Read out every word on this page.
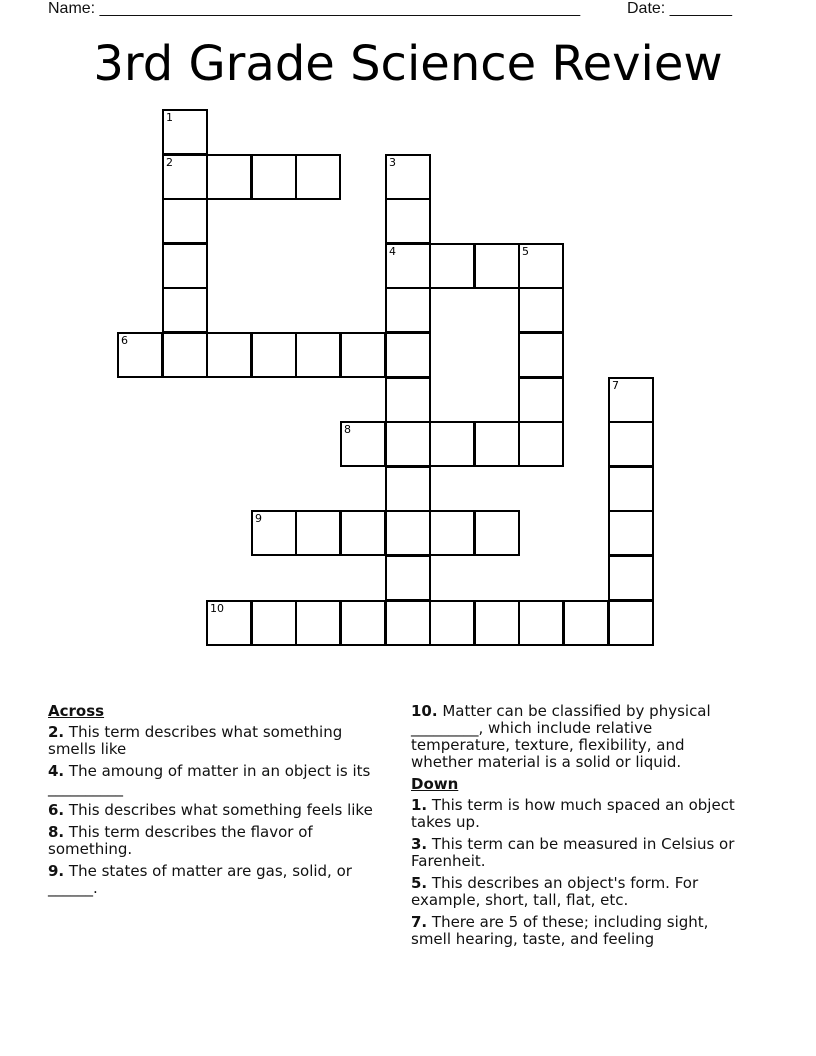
Name: ______________________________________________________	Date: _______
3rd Grade Science Review
1
2	3
4	5
6
7
8
9
10
Across
2. This term describes what something smells like
4. The amoung of matter in an object is its __________
6. This describes what something feels like
8. This term describes the flavor of something.
9. The states of matter are gas, solid, or ______.
10. Matter can be classified by physical _________, which include relative temperature, texture, flexibility, and whether material is a solid or liquid.
Down
1. This term is how much spaced an object takes up.
3. This term can be measured in Celsius or Farenheit.
5. This describes an object's form. For example, short, tall, flat, etc.
7. There are 5 of these; including sight, smell hearing, taste, and feeling
